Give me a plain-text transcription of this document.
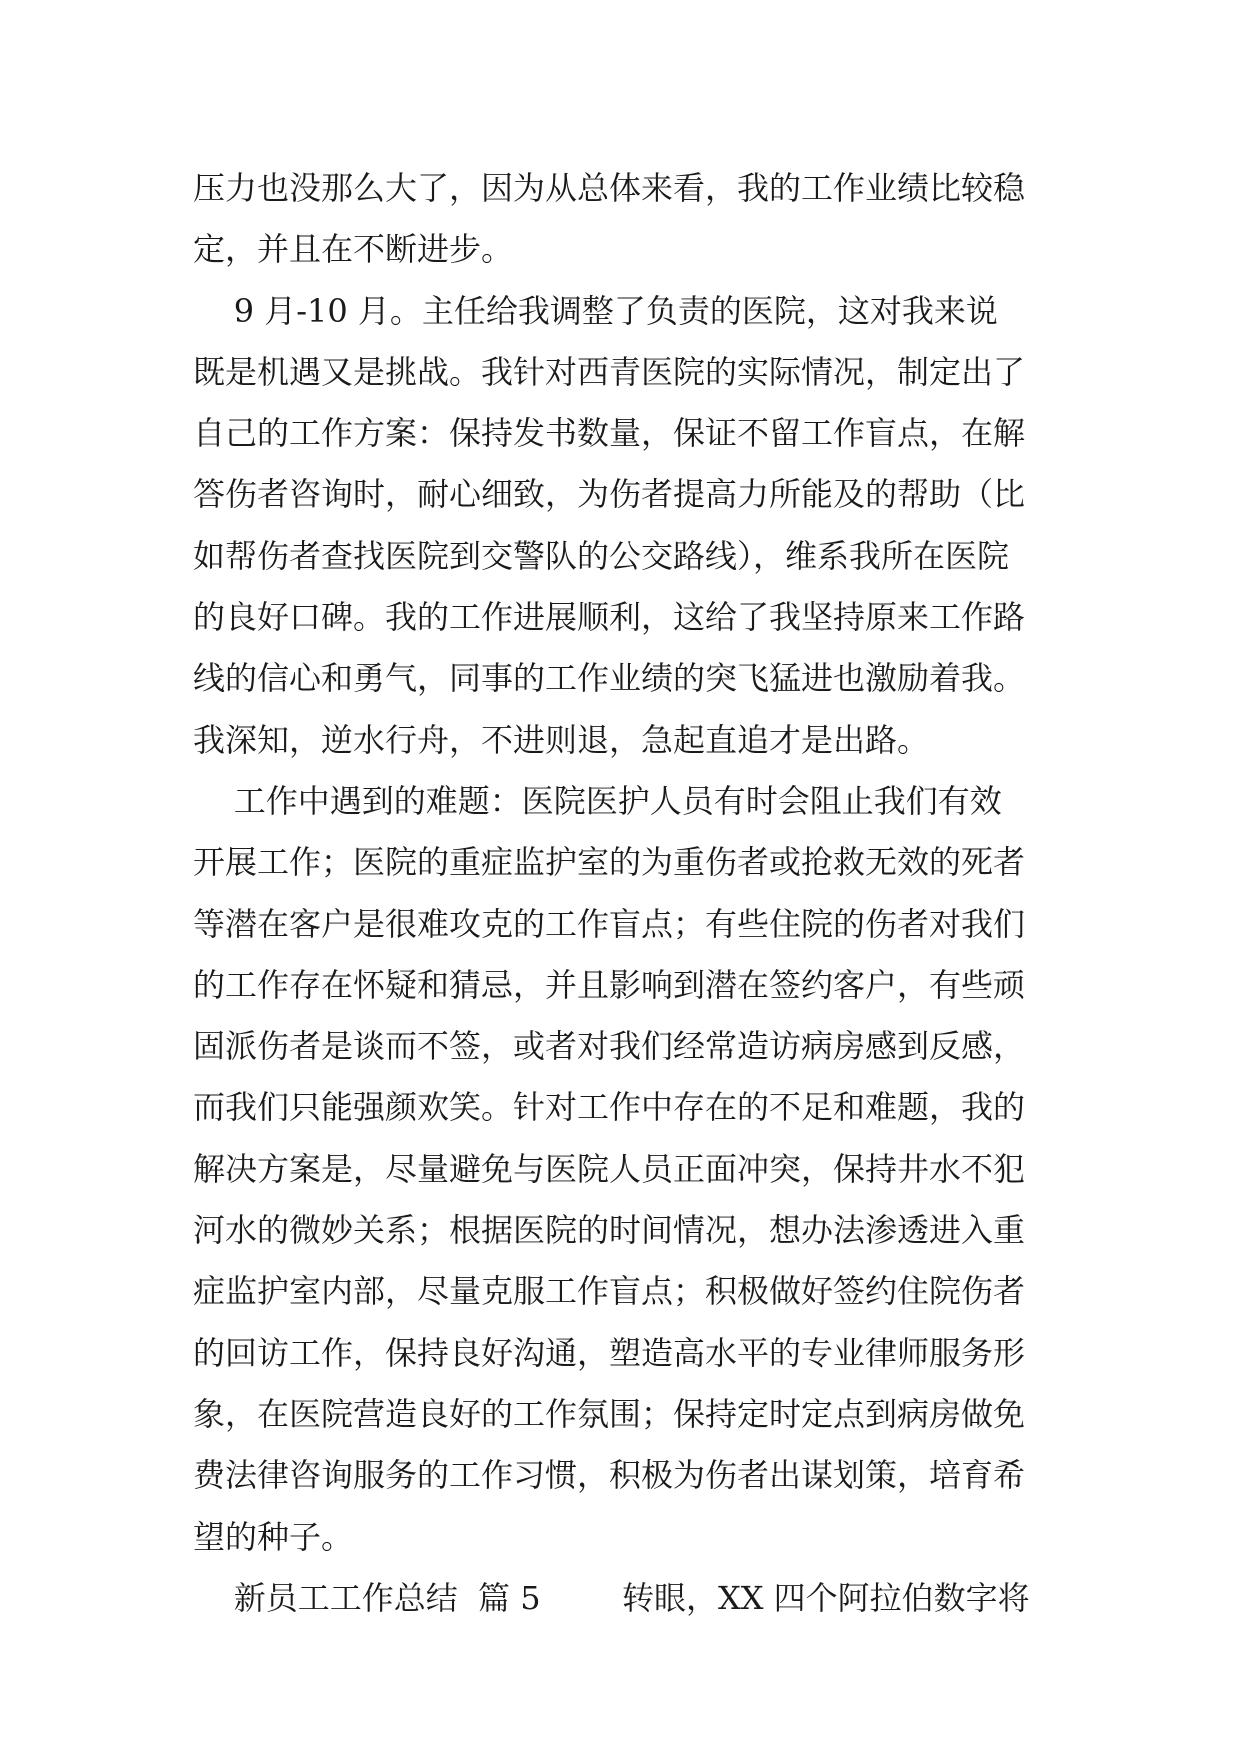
压力也没那么大了，因为从总体来看，我的工作业绩比较稳
定，并且在不断进步。
9 月-10 月。主任给我调整了负责的医院，这对我来说
既是机遇又是挑战。我针对西青医院的实际情况，制定出了
自己的工作方案：保持发书数量，保证不留工作盲点，在解
答伤者咨询时，耐心细致，为伤者提高力所能及的帮助（比
如帮伤者查找医院到交警队的公交路线），维系我所在医院
的良好口碑。我的工作进展顺利，这给了我坚持原来工作路
线的信心和勇气，同事的工作业绩的突飞猛进也激励着我。
我深知，逆水行舟，不进则退，急起直追才是出路。
工作中遇到的难题：医院医护人员有时会阻止我们有效
开展工作；医院的重症监护室的为重伤者或抢救无效的死者
等潜在客户是很难攻克的工作盲点；有些住院的伤者对我们
的工作存在怀疑和猜忌，并且影响到潜在签约客户，有些顽
固派伤者是谈而不签，或者对我们经常造访病房感到反感，
而我们只能强颜欢笑。针对工作中存在的不足和难题，我的
解决方案是，尽量避免与医院人员正面冲突，保持井水不犯
河水的微妙关系；根据医院的时间情况，想办法渗透进入重
症监护室内部，尽量克服工作盲点；积极做好签约住院伤者
的回访工作，保持良好沟通，塑造高水平的专业律师服务形
象，在医院营造良好的工作氛围；保持定时定点到病房做免
费法律咨询服务的工作习惯，积极为伤者出谋划策，培育希
望的种子。
新员工工作总结  篇 5        转眼，XX 四个阿拉伯数字将
